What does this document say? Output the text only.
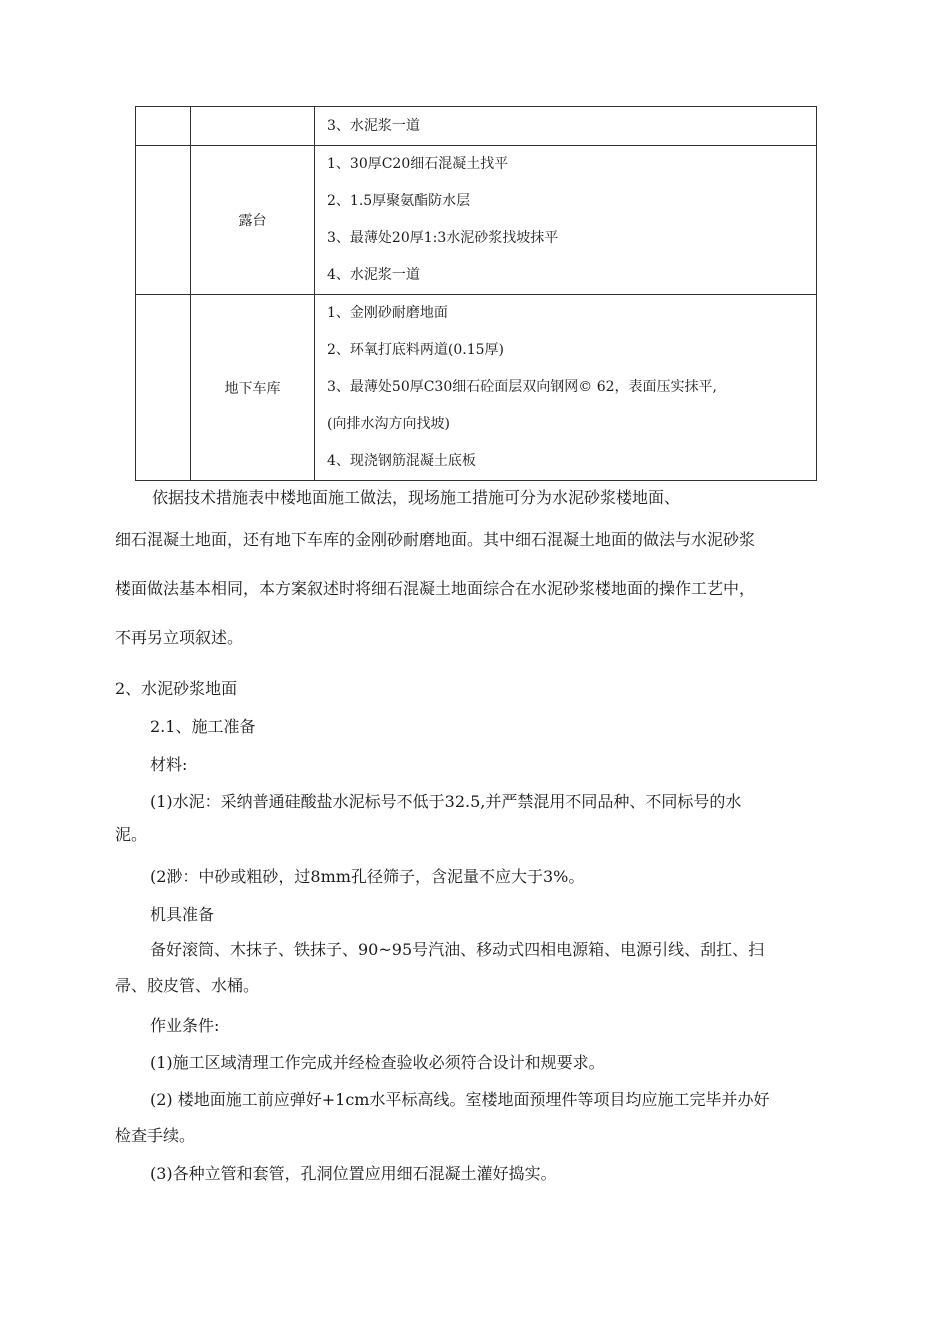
		3、水泥浆一道

	露台	1、30厚C20细石混凝土找平
2、1.5厚聚氨酯防水层
3、最薄处20厚1:3水泥砂浆找坡抹平
4、水泥浆一道

	地下车库	1、金刚砂耐磨地面
2、环氧打底料两道(0.15厚)
3、最薄处50厚C30细石砼面层双向钢网© 62，表面压实抹平,
(向排水沟方向找坡)
4、现浇钢筋混凝土底板
依据技术措施表中楼地面施工做法，现场施工措施可分为水泥砂浆楼地面、
细石混凝土地面，还有地下车库的金刚砂耐磨地面。其中细石混凝土地面的做法与水泥砂浆
楼面做法基本相同，本方案叙述时将细石混凝土地面综合在水泥砂浆楼地面的操作工艺中，
不再另立项叙述。
2、水泥砂浆地面
2.1、施工准备
材料:
(1)水泥：采纳普通硅酸盐水泥标号不低于32.5,并严禁混用不同品种、不同标号的水
泥。
(2渺：中砂或粗砂，过8mm孔径筛子，含泥量不应大于3%。
机具准备
备好滚筒、木抹子、铁抹子、90~95号汽油、移动式四相电源箱、电源引线、刮扛、扫
帚、胶皮管、水桶。
作业条件:
(1)施工区域清理工作完成并经检查验收必须符合设计和规要求。
(2) 楼地面施工前应弹好+1cm水平标高线。室楼地面预埋件等项目均应施工完毕并办好
检查手续。
(3)各种立管和套管，孔洞位置应用细石混凝土灌好捣实。
